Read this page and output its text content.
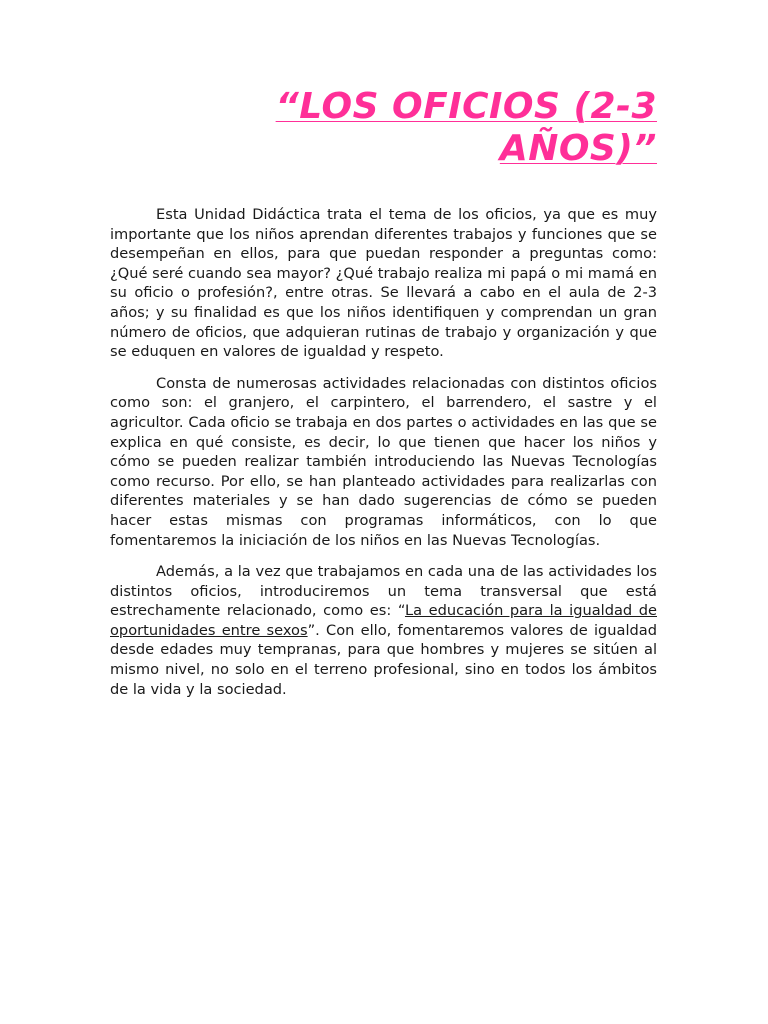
“LOS OFICIOS (2-3
AÑOS)”

Esta Unidad Didáctica trata el tema de los oficios, ya que es muy importante que los niños aprendan diferentes trabajos y funciones que se desempeñan en ellos, para que puedan responder a preguntas como: ¿Qué seré cuando sea mayor? ¿Qué trabajo realiza mi papá o mi mamá en su oficio o profesión?, entre otras. Se llevará a cabo en el aula de 2-3 años; y su finalidad es que los niños identifiquen y comprendan un gran número de oficios, que adquieran rutinas de trabajo y organización y que se eduquen en valores de igualdad y respeto.

Consta de numerosas actividades relacionadas con distintos oficios como son: el granjero, el carpintero, el barrendero, el sastre y el agricultor. Cada oficio se trabaja en dos partes o actividades en las que se explica en qué consiste, es decir, lo que tienen que hacer los niños y cómo se pueden realizar también introduciendo las Nuevas Tecnologías como recurso. Por ello, se han planteado actividades para realizarlas con diferentes materiales y se han dado sugerencias de cómo se pueden hacer estas mismas con programas informáticos, con lo que fomentaremos la iniciación de los niños en las Nuevas Tecnologías.

Además, a la vez que trabajamos en cada una de las actividades los distintos oficios, introduciremos un tema transversal que está estrechamente relacionado, como es: “La educación para la igualdad de oportunidades entre sexos”. Con ello, fomentaremos valores de igualdad desde edades muy tempranas, para que hombres y mujeres se sitúen al mismo nivel, no solo en el terreno profesional, sino en todos los ámbitos de la vida y la sociedad.
